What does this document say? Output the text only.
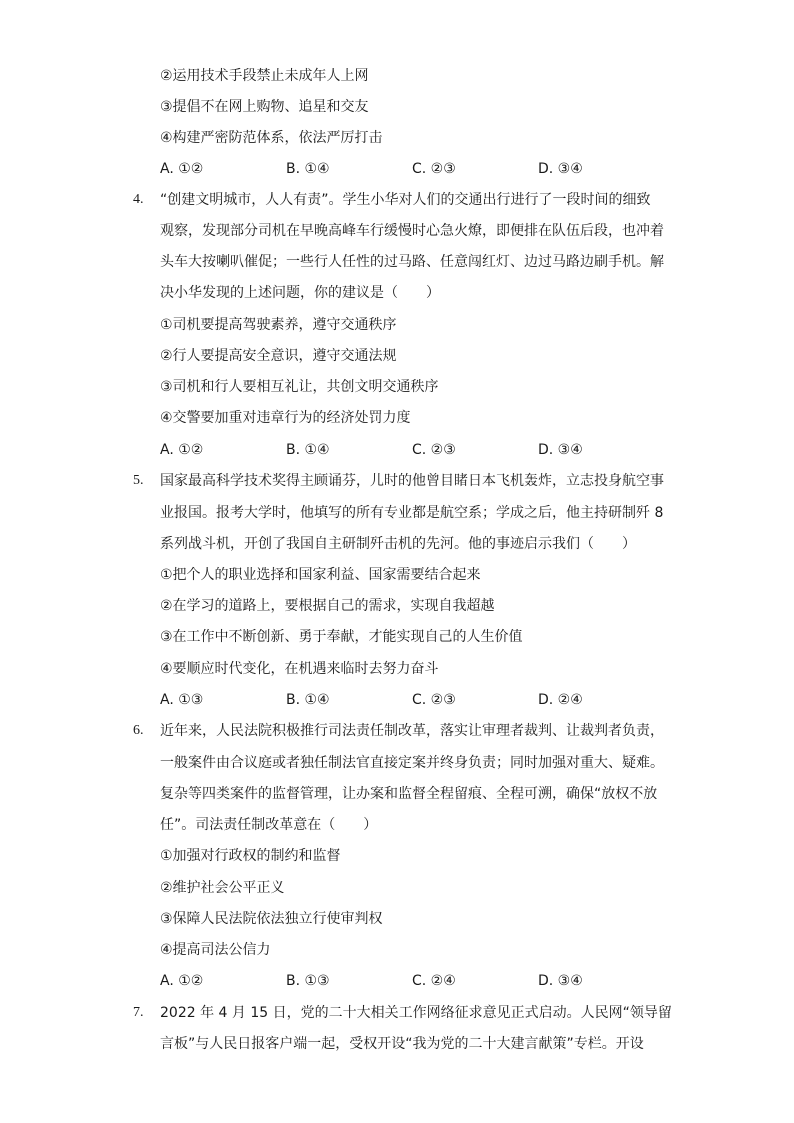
②运用技术手段禁止未成年人上网
③提倡不在网上购物、追星和交友
④构建严密防范体系，依法严厉打击
A. ①②	B. ①④	C. ②③	D. ③④
4. “创建文明城市，人人有责”。学生小华对人们的交通出行进行了一段时间的细致
观察，发现部分司机在早晚高峰车行缓慢时心急火燎，即便排在队伍后段，也冲着
头车大按喇叭催促；一些行人任性的过马路、任意闯红灯、边过马路边刷手机。解
决小华发现的上述问题，你的建议是（　　）
①司机要提高驾驶素养，遵守交通秩序
②行人要提高安全意识，遵守交通法规
③司机和行人要相互礼让，共创文明交通秩序
④交警要加重对违章行为的经济处罚力度
A. ①②	B. ①④	C. ②③	D. ③④
5. 国家最高科学技术奖得主顾诵芬，儿时的他曾目睹日本飞机轰炸，立志投身航空事
业报国。报考大学时，他填写的所有专业都是航空系；学成之后，他主持研制歼 8
系列战斗机，开创了我国自主研制歼击机的先河。他的事迹启示我们（　　）
①把个人的职业选择和国家利益、国家需要结合起来
②在学习的道路上，要根据自己的需求，实现自我超越
③在工作中不断创新、勇于奉献，才能实现自己的人生价值
④要顺应时代变化，在机遇来临时去努力奋斗
A. ①③	B. ①④	C. ②③	D. ②④
6. 近年来，人民法院积极推行司法责任制改革，落实让审理者裁判、让裁判者负责，
一般案件由合议庭或者独任制法官直接定案并终身负责；同时加强对重大、疑难。
复杂等四类案件的监督管理，让办案和监督全程留痕、全程可溯，确保“放权不放
任”。司法责任制改革意在（　　）
①加强对行政权的制约和监督
②维护社会公平正义
③保障人民法院依法独立行使审判权
④提高司法公信力
A. ①②	B. ①③	C. ②④	D. ③④
7. 2022 年 4 月 15 日，党的二十大相关工作网络征求意见正式启动。人民网“领导留
言板”与人民日报客户端一起，受权开设“我为党的二十大建言献策”专栏。开设
